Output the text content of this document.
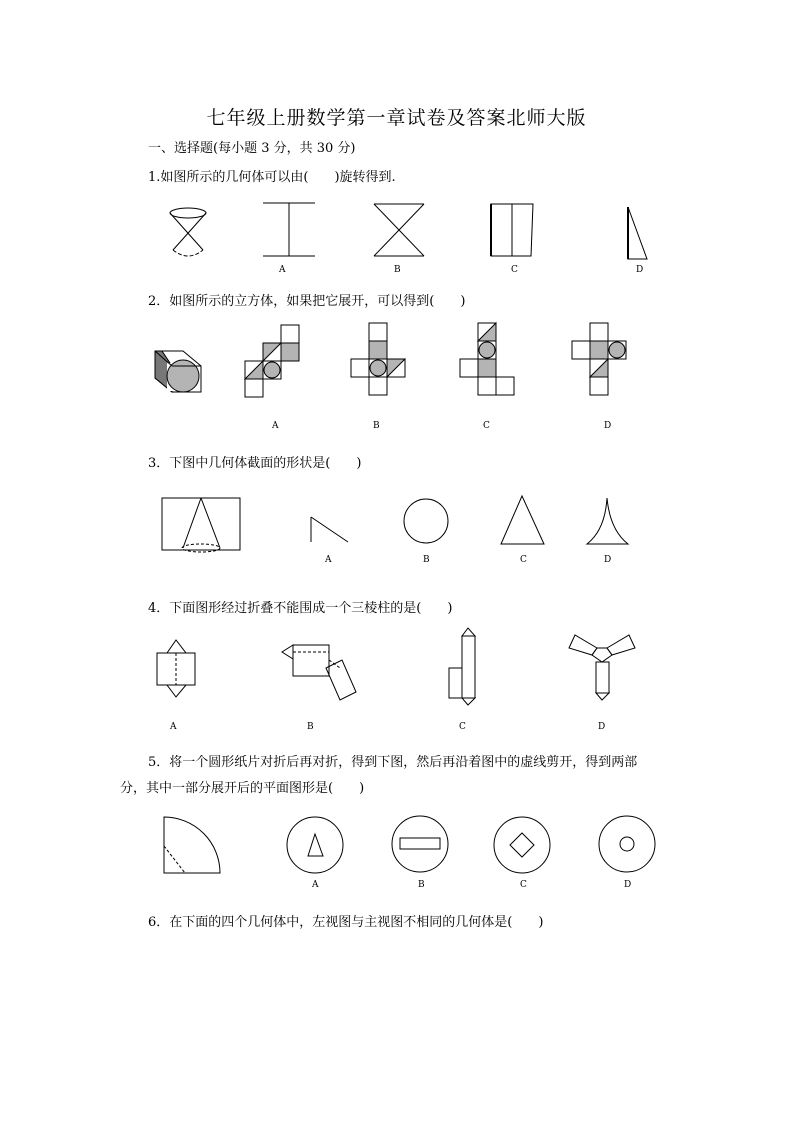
七年级上册数学第一章试卷及答案北师大版
一、选择题(每小题 3 分，共 30 分)
1.如图所示的几何体可以由(　　)旋转得到.
A	B	C	D
A	B	C	D
A	B	C	D
A	B	C	D
A	B	C	D
2．如图所示的立方体，如果把它展开，可以得到(　　)
3．下图中几何体截面的形状是(　　)
4．下面图形经过折叠不能围成一个三棱柱的是(　　)
5．将一个圆形纸片对折后再对折，得到下图，然后再沿着图中的虚线剪开，得到两部
分，其中一部分展开后的平面图形是(　　)
6．在下面的四个几何体中，左视图与主视图不相同的几何体是(　　)
